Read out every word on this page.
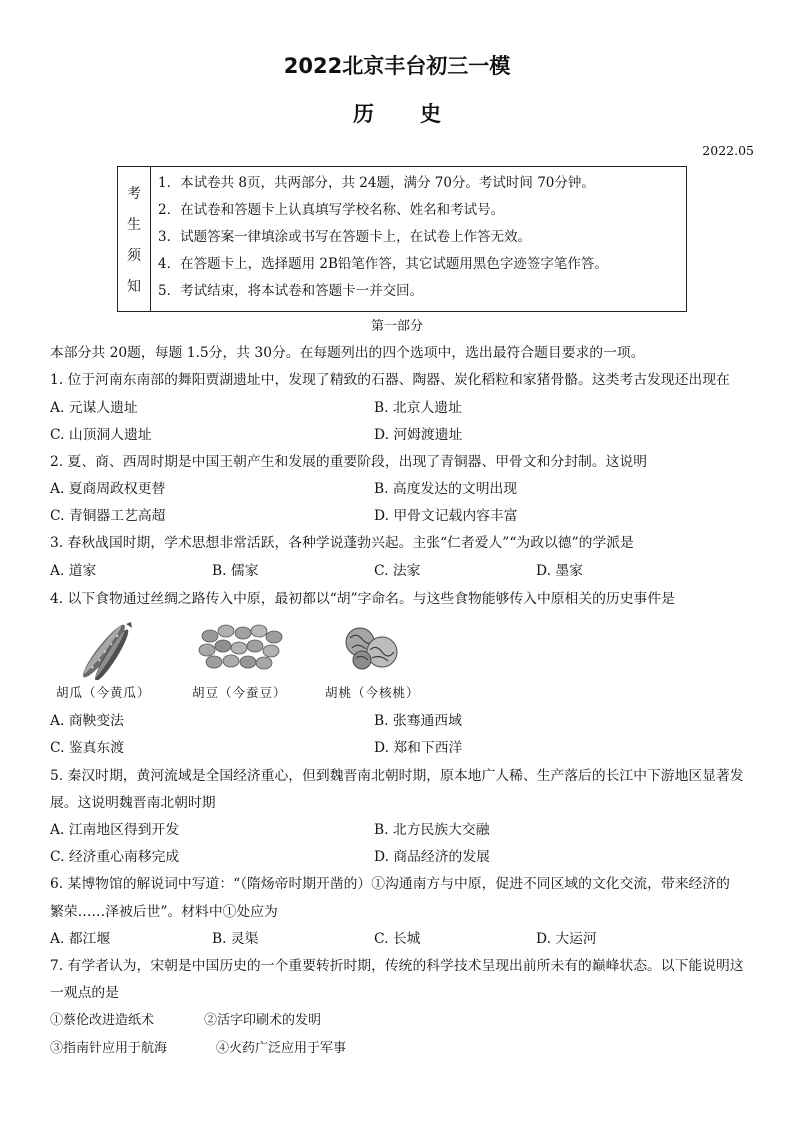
2022北京丰台初三一模
历史
2022.05
考
生
须
知
1．本试卷共 8页，共两部分，共 24题，满分 70分。考试时间 70分钟。
2．在试卷和答题卡上认真填写学校名称、姓名和考试号。
3．试题答案一律填涂或书写在答题卡上，在试卷上作答无效。
4．在答题卡上，选择题用 2B铅笔作答，其它试题用黑色字迹签字笔作答。
5．考试结束，将本试卷和答题卡一并交回。
第一部分
本部分共 20题，每题 1.5分，共 30分。在每题列出的四个选项中，选出最符合题目要求的一项。
1. 位于河南东南部的舞阳贾湖遗址中，发现了精致的石器、陶器、炭化稻粒和家猪骨骼。这类考古发现还出现在
A. 元谋人遗址	B. 北京人遗址
C. 山顶洞人遗址	D. 河姆渡遗址
2. 夏、商、西周时期是中国王朝产生和发展的重要阶段，出现了青铜器、甲骨文和分封制。这说明
A. 夏商周政权更替	B. 高度发达的文明出现
C. 青铜器工艺高超	D. 甲骨文记载内容丰富
3. 春秋战国时期，学术思想非常活跃，各种学说蓬勃兴起。主张“仁者爱人”“为政以德”的学派是
A. 道家	B. 儒家	C. 法家	D. 墨家
4. 以下食物通过丝绸之路传入中原，最初都以“胡”字命名。与这些食物能够传入中原相关的历史事件是
胡瓜（今黄瓜）	胡豆（今蚕豆）	胡桃（今核桃）
A. 商鞅变法	B. 张骞通西域
C. 鉴真东渡	D. 郑和下西洋
5. 秦汉时期，黄河流域是全国经济重心，但到魏晋南北朝时期，原本地广人稀、生产落后的长江中下游地区显著发
展。这说明魏晋南北朝时期
A. 江南地区得到开发	B. 北方民族大交融
C. 经济重心南移完成	D. 商品经济的发展
6. 某博物馆的解说词中写道：“（隋炀帝时期开凿的）①沟通南方与中原，促进不同区域的文化交流，带来经济的
繁荣……泽被后世”。材料中①处应为
A. 都江堰	B. 灵渠	C. 长城	D. 大运河
7. 有学者认为，宋朝是中国历史的一个重要转折时期，传统的科学技术呈现出前所未有的巅峰状态。以下能说明这
一观点的是
①蔡伦改进造纸术	②活字印刷术的发明
③指南针应用于航海	④火药广泛应用于军事
